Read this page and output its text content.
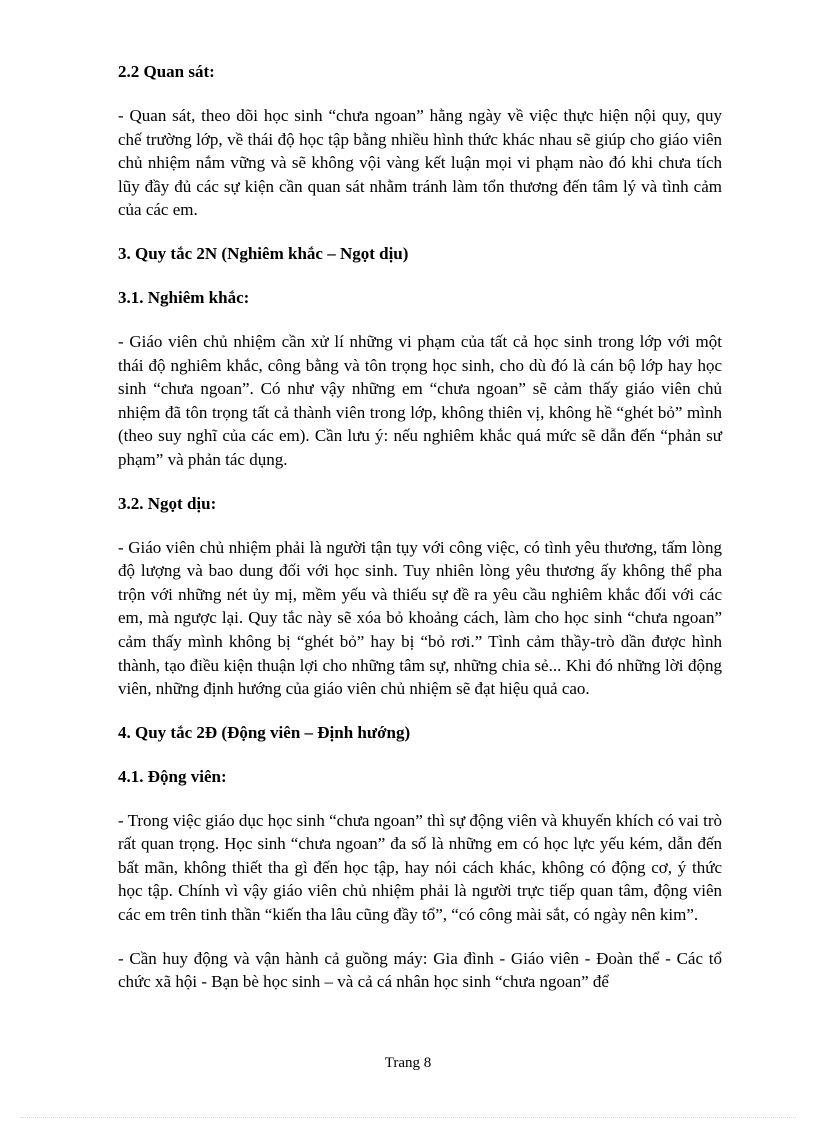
2.2 Quan sát:

- Quan sát, theo dõi học sinh “chưa ngoan” hằng ngày về việc thực hiện nội quy, quy chế trường lớp, về thái độ học tập bằng nhiều hình thức khác nhau sẽ giúp cho giáo viên chủ nhiệm nắm vững và sẽ không vội vàng kết luận mọi vi phạm nào đó khi chưa tích lũy đầy đủ các sự kiện cần quan sát nhằm tránh làm tổn thương đến tâm lý và tình cảm của các em.

3. Quy tắc 2N (Nghiêm khắc – Ngọt dịu)
3.1. Nghiêm khắc:

- Giáo viên chủ nhiệm cần xử lí những vi phạm của tất cả học sinh trong lớp với một thái độ nghiêm khắc, công bằng và tôn trọng học sinh, cho dù đó là cán bộ lớp hay học sinh “chưa ngoan”. Có như vậy những em “chưa ngoan” sẽ cảm thấy giáo viên chủ nhiệm đã tôn trọng tất cả thành viên trong lớp, không thiên vị, không hề “ghét bỏ” mình (theo suy nghĩ của các em). Cần lưu ý: nếu nghiêm khắc quá mức sẽ dẫn đến “phản sư phạm” và phản tác dụng.

3.2. Ngọt dịu:

- Giáo viên chủ nhiệm phải là người tận tụy với công việc, có tình yêu thương, tấm lòng độ lượng và bao dung đối với học sinh. Tuy nhiên lòng yêu thương ấy không thể pha trộn với những nét ủy mị, mềm yếu và thiếu sự đề ra yêu cầu nghiêm khắc đối với các em, mà ngược lại. Quy tắc này sẽ xóa bỏ khoảng cách, làm cho học sinh “chưa ngoan” cảm thấy mình không bị “ghét bỏ” hay bị “bỏ rơi.” Tình cảm thầy-trò dần được hình thành, tạo điều kiện thuận lợi cho những tâm sự, những chia sẻ... Khi đó những lời động viên, những định hướng của giáo viên chủ nhiệm sẽ đạt hiệu quả cao.

4. Quy tắc 2Đ (Động viên – Định hướng)
4.1. Động viên:

- Trong việc giáo dục học sinh “chưa ngoan” thì sự động viên và khuyến khích có vai trò rất quan trọng. Học sinh “chưa ngoan” đa số là những em có học lực yếu kém, dẫn đến bất mãn, không thiết tha gì đến học tập, hay nói cách khác, không có động cơ, ý thức học tập. Chính vì vậy giáo viên chủ nhiệm phải là người trực tiếp quan tâm, động viên các em trên tinh thần “kiến tha lâu cũng đầy tổ”, “có công mài sắt, có ngày nên kim”.

- Cần huy động và vận hành cả guồng máy: Gia đình - Giáo viên - Đoàn thể - Các tổ chức xã hội - Bạn bè học sinh – và cả cá nhân học sinh “chưa ngoan” để

Trang 8
